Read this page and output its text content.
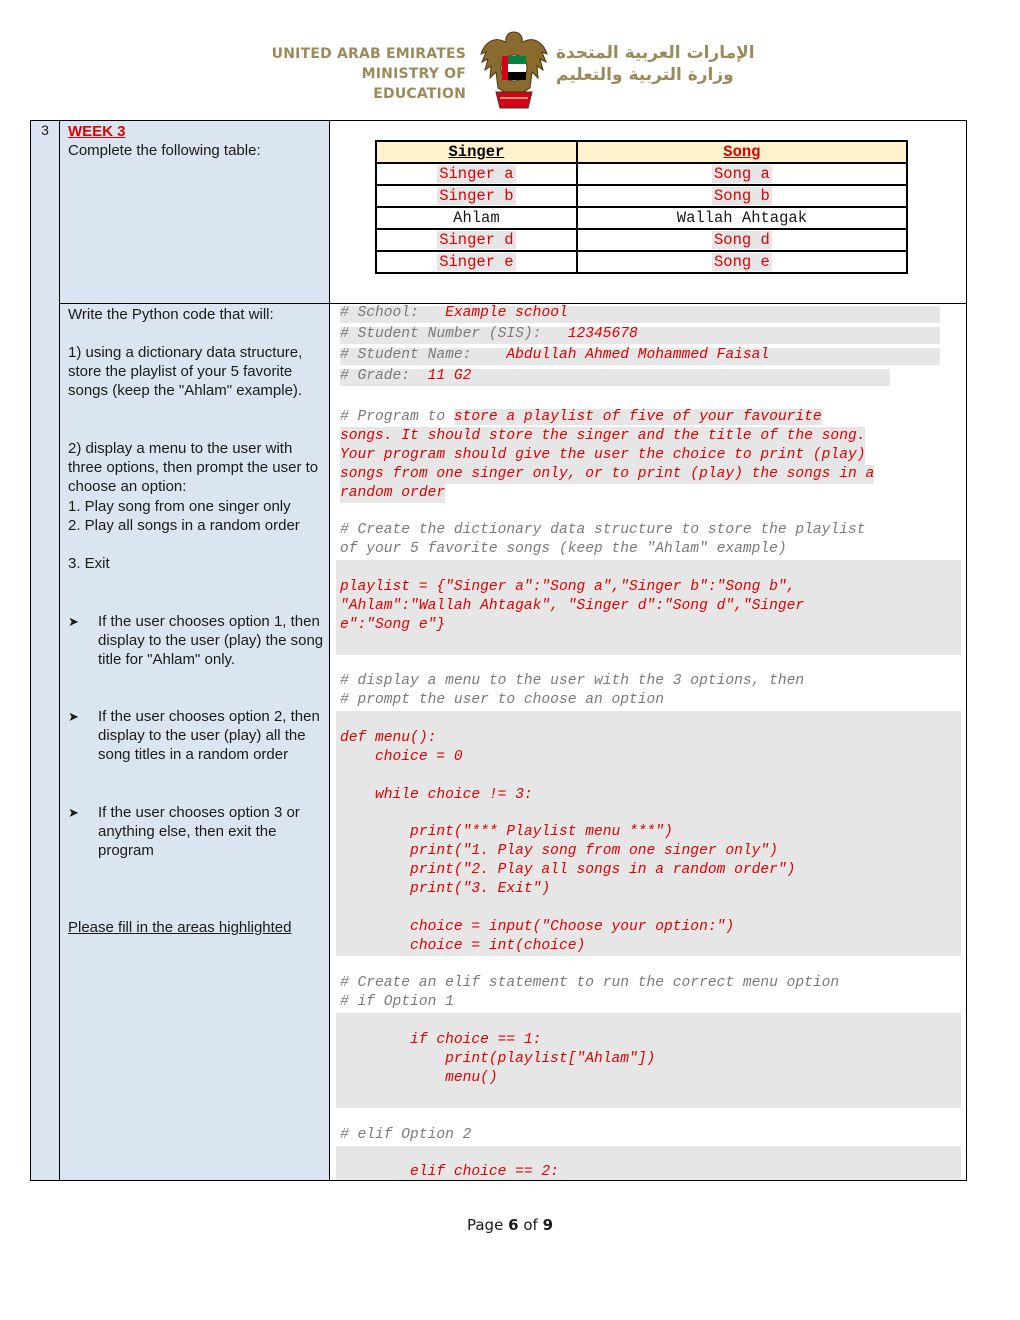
UNITED ARAB EMIRATES
MINISTRY OF EDUCATION
الإمارات العربية المتحدة
وزارة التربية والتعليم
3	WEEK 3
Complete the following table:	Singer	Song
Singer a	Song a
Singer b	Song b
Ahlam	Wallah Ahtagak
Singer d	Song d
Singer e	Song e
Write the Python code that will:
1) using a dictionary data structure, store the playlist of your 5 favorite songs (keep the "Ahlam" example).
2) display a menu to the user with three options, then prompt the user to choose an option:
1. Play song from one singer only
2. Play all songs in a random order
3. Exit
➤ If the user chooses option 1, then display to the user (play) the song title for "Ahlam" only.
➤ If the user chooses option 2, then display to the user (play) all the song titles in a random order
➤ If the user chooses option 3 or anything else, then exit the program
Please fill in the areas highlighted
# School: Example school
# Student Number (SIS): 12345678
# Student Name: Abdullah Ahmed Mohammed Faisal
# Grade: 11 G2
# Program to store a playlist of five of your favourite
songs. It should store the singer and the title of the song.
Your program should give the user the choice to print (play)
songs from one singer only, or to print (play) the songs in a
random order
# Create the dictionary data structure to store the playlist
of your 5 favorite songs (keep the "Ahlam" example)
playlist = {"Singer a":"Song a","Singer b":"Song b",
"Ahlam":"Wallah Ahtagak", "Singer d":"Song d","Singer
e":"Song e"}
# display a menu to the user with the 3 options, then
# prompt the user to choose an option
def menu():
choice = 0
while choice != 3:
print("*** Playlist menu ***")
print("1. Play song from one singer only")
print("2. Play all songs in a random order")
print("3. Exit")
choice = input("Choose your option:")
choice = int(choice)
# Create an elif statement to run the correct menu option
# if Option 1
if choice == 1:
print(playlist["Ahlam"])
menu()
# elif Option 2
elif choice == 2:
Page 6 of 9
